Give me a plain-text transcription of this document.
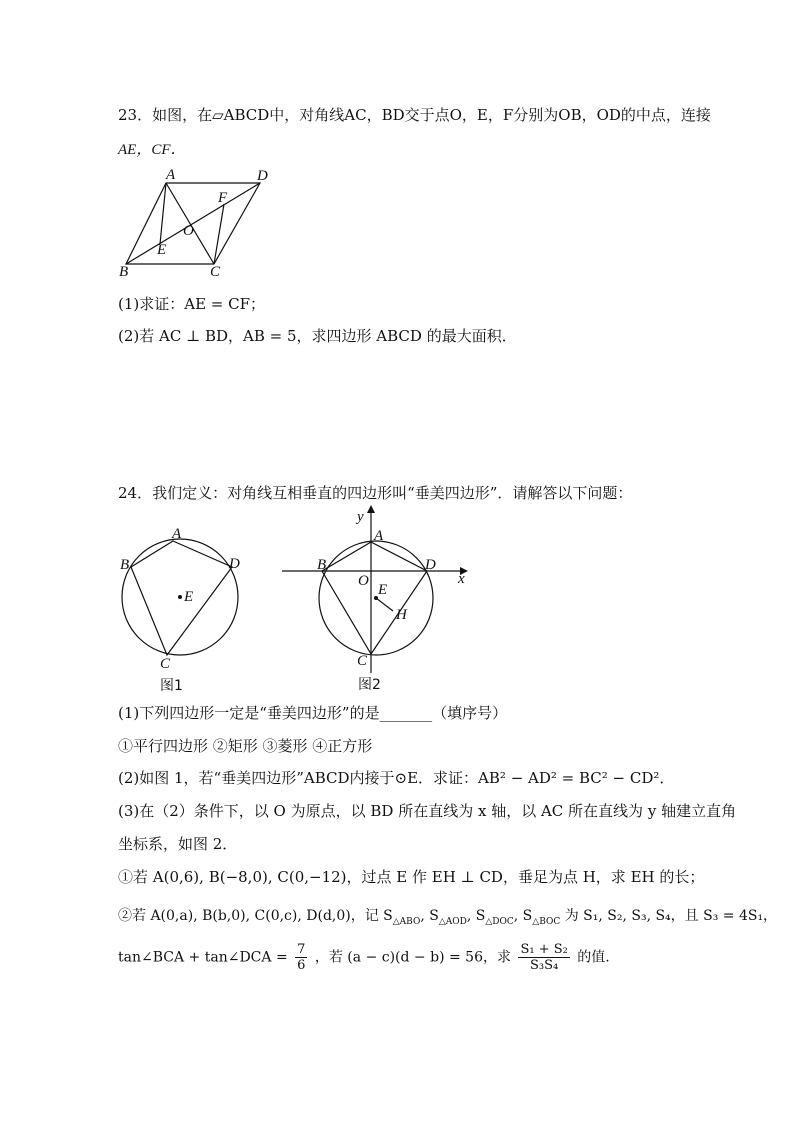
23．如图，在▱ABCD中，对角线AC，BD交于点O，E，F分别为OB，OD的中点，连接
AE，CF．
A	D
F
O
E
B	C
(1)求证：AE = CF；
(2)若 AC ⊥ BD，AB = 5，求四边形 ABCD 的最大面积．
24．我们定义：对角线互相垂直的四边形叫“垂美四边形”．请解答以下问题：
A
B	D
E
C
图1
y
A
B	D
x
O
E
H
C
图2
(1)下列四边形一定是“垂美四边形”的是_______（填序号）
①平行四边形 ②矩形 ③菱形 ④正方形
(2)如图 1，若“垂美四边形”ABCD内接于⊙E．求证：AB² − AD² = BC² − CD²．
(3)在（2）条件下，以 O 为原点，以 BD 所在直线为 x 轴，以 AC 所在直线为 y 轴建立直角
坐标系，如图 2．
①若 A(0,6), B(−8,0), C(0,−12)，过点 E 作 EH ⊥ CD，垂足为点 H，求 EH 的长；
②若 A(0,a), B(b,0), C(0,c), D(d,0)，记 $S_{\triangle ABO}$, $S_{\triangle AOD}$, $S_{\triangle DOC}$, $S_{\triangle BOC}$ 为 S₁, S₂, S₃, S₄，且 S₃ = 4S₁，
tan∠BCA + tan∠DCA = $\frac{7}{6}$ ，若 (a − c)(d − b) = 56，求 $\frac{\text{S₁ + S₂}}{\text{S₃S₄}}$ 的值.
